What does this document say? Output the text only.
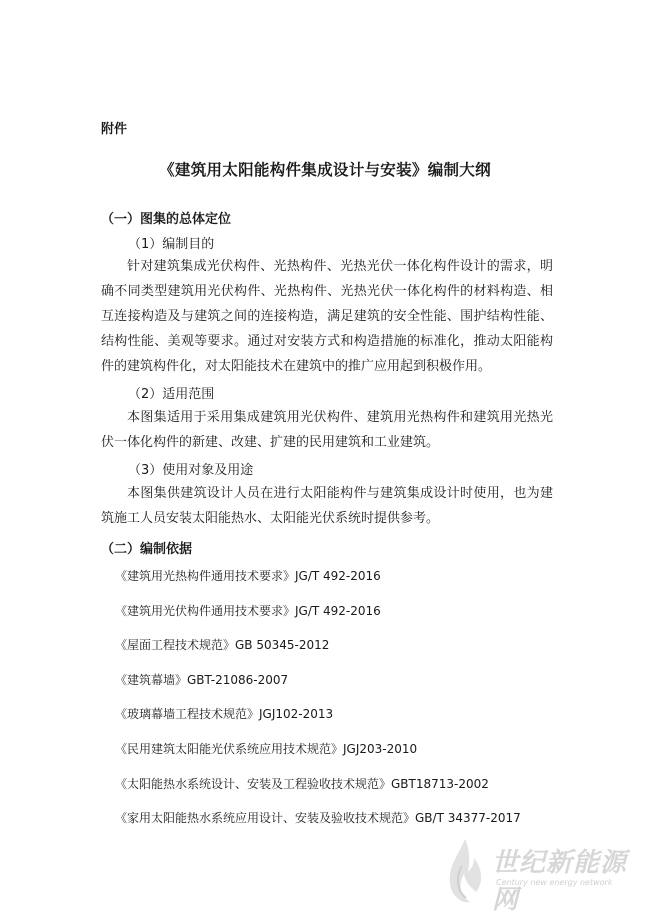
附件
《建筑用太阳能构件集成设计与安装》编制大纲
（一）图集的总体定位
（1）编制目的

针对建筑集成光伏构件、光热构件、光热光伏一体化构件设计的需求，明确不同类型建筑用光伏构件、光热构件、光热光伏一体化构件的材料构造、相互连接构造及与建筑之间的连接构造，满足建筑的安全性能、围护结构性能、结构性能、美观等要求。通过对安装方式和构造措施的标准化，推动太阳能构件的建筑构件化，对太阳能技术在建筑中的推广应用起到积极作用。

（2）适用范围

本图集适用于采用集成建筑用光伏构件、建筑用光热构件和建筑用光热光伏一体化构件的新建、改建、扩建的民用建筑和工业建筑。

（3）使用对象及用途

本图集供建筑设计人员在进行太阳能构件与建筑集成设计时使用，也为建筑施工人员安装太阳能热水、太阳能光伏系统时提供参考。

（二）编制依据
《建筑用光热构件通用技术要求》JG/T 492-2016
《建筑用光伏构件通用技术要求》JG/T 492-2016
《屋面工程技术规范》GB 50345-2012
《建筑幕墙》GBT-21086-2007
《玻璃幕墙工程技术规范》JGJ102-2013
《民用建筑太阳能光伏系统应用技术规范》JGJ203-2010
《太阳能热水系统设计、安装及工程验收技术规范》GBT18713-2002
《家用太阳能热水系统应用设计、安装及验收技术规范》GB/T 34377-2017
世纪新能源网
Century new energy network
